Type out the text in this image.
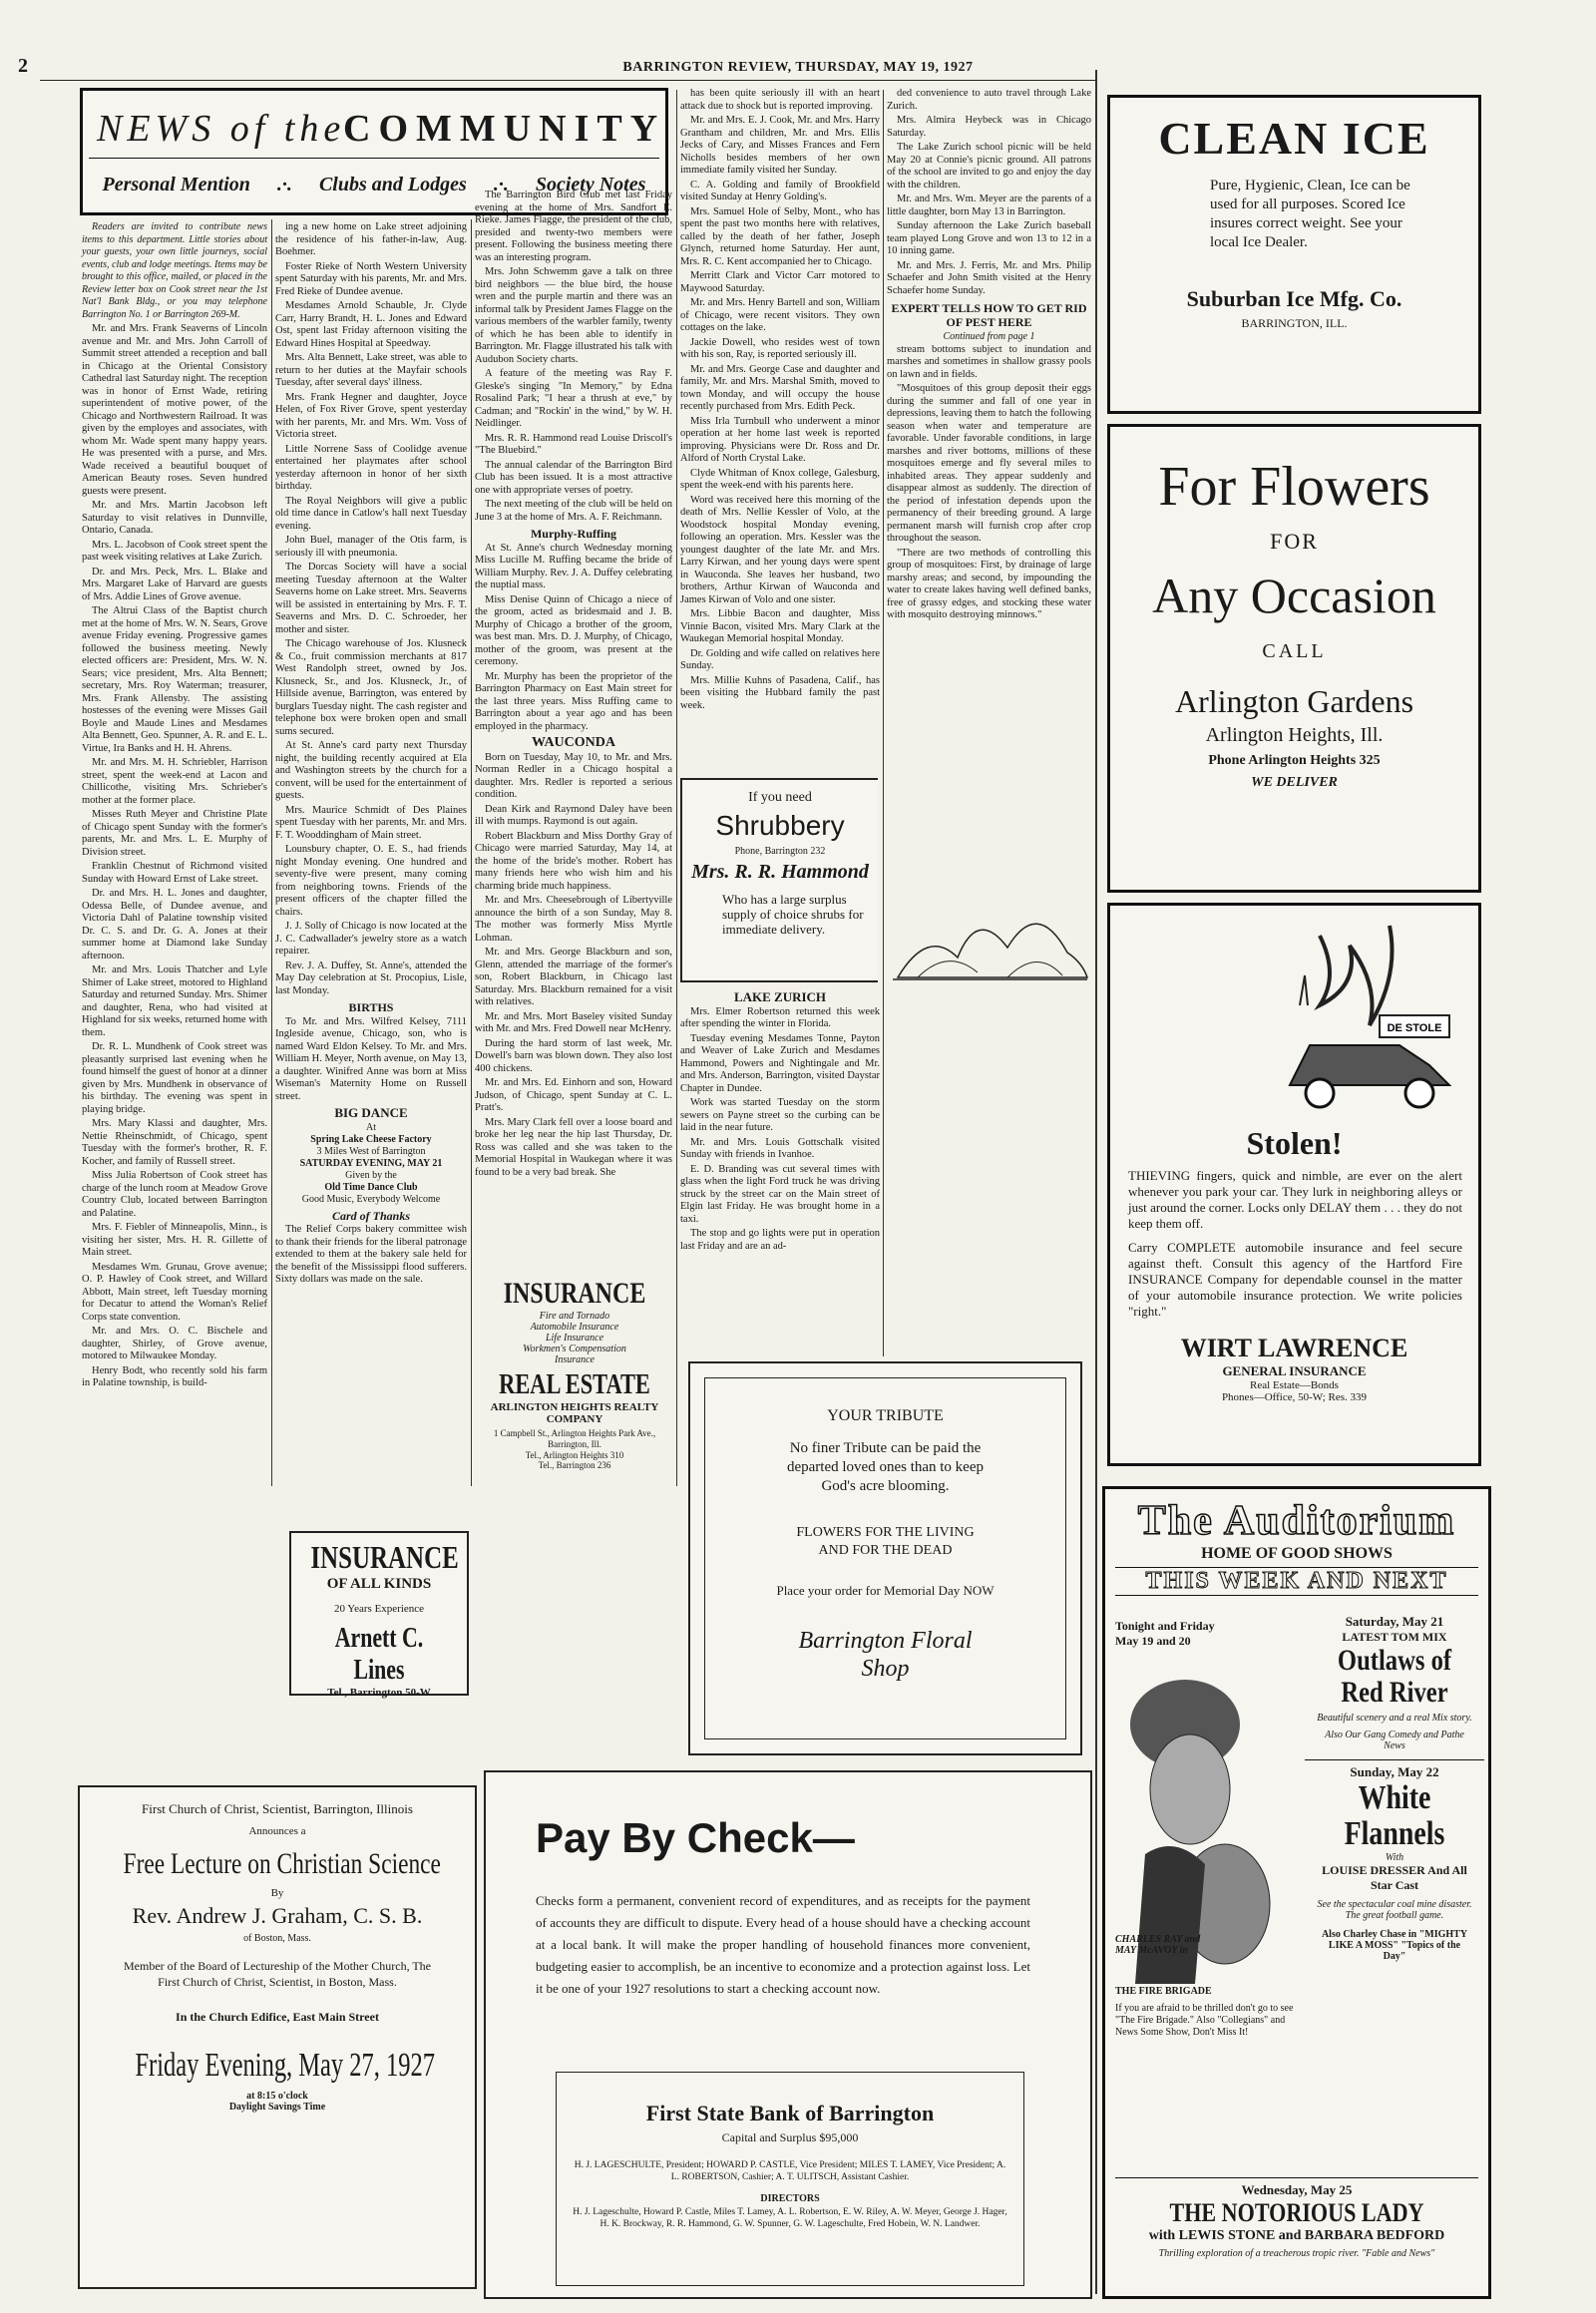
2	BARRINGTON REVIEW, THURSDAY, MAY 19, 1927
NEWS of the
COMMUNITY
Personal Mention .·. Clubs and Lodges .·. Society Notes

Readers are invited to contribute news items to this department. Little stories about your guests, your own little journeys, social events, club and lodge meetings. Items may be brought to this office, mailed, or placed in the Review letter box on Cook street near the 1st Nat'l Bank Bldg., or you may telephone Barrington No. 1 or Barrington 269-M.

Mr. and Mrs. Frank Seaverns of Lincoln avenue and Mr. and Mrs. John Carroll of Summit street attended a reception and ball in Chicago at the Oriental Consistory Cathedral last Saturday night. The reception was in honor of Ernst Wade, retiring superintendent of motive power, of the Chicago and Northwestern Railroad. It was given by the employes and associates, with whom Mr. Wade spent many happy years. He was presented with a purse, and Mrs. Wade received a beautiful bouquet of American Beauty roses. Seven hundred guests were present.

Mr. and Mrs. Martin Jacobson left Saturday to visit relatives in Dunnville, Ontario, Canada.

Mrs. L. Jacobson of Cook street spent the past week visiting relatives at Lake Zurich.

Dr. and Mrs. Peck, Mrs. L. Blake and Mrs. Margaret Lake of Harvard are guests of Mrs. Addie Lines of Grove avenue.

The Altrui Class of the Baptist church met at the home of Mrs. W. N. Sears, Grove avenue Friday evening. Progressive games followed the business meeting. Newly elected officers are: President, Mrs. W. N. Sears; vice president, Mrs. Alta Bennett; secretary, Mrs. Roy Waterman; treasurer, Mrs. Frank Allensby. The assisting hostesses of the evening were Misses Gail Boyle and Maude Lines and Mesdames Alta Bennett, Geo. Spunner, A. R. and E. L. Virtue, Ira Banks and H. H. Ahrens.

Mr. and Mrs. M. H. Schriebler, Harrison street, spent the week-end at Lacon and Chillicothe, visiting Mrs. Schrieber's mother at the former place.

Misses Ruth Meyer and Christine Plate of Chicago spent Sunday with the former's parents, Mr. and Mrs. L. E. Murphy of Division street.

Franklin Chestnut of Richmond visited Sunday with Howard Ernst of Lake street.

Dr. and Mrs. H. L. Jones and daughter, Odessa Belle, of Dundee avenue, and Victoria Dahl of Palatine township visited Dr. C. S. and Dr. G. A. Jones at their summer home at Diamond lake Sunday afternoon.

Mr. and Mrs. Louis Thatcher and Lyle Shimer of Lake street, motored to Highland Saturday and returned Sunday. Mrs. Shimer and daughter, Rena, who had visited at Highland for six weeks, returned home with them.

Dr. R. L. Mundhenk of Cook street was pleasantly surprised last evening when he found himself the guest of honor at a dinner given by Mrs. Mundhenk in observance of his birthday. The evening was spent in playing bridge.

Mrs. Mary Klassi and daughter, Mrs. Nettie Rheinschmidt, of Chicago, spent Tuesday with the former's brother, R. F. Kocher, and family of Russell street.

Miss Julia Robertson of Cook street has charge of the lunch room at Meadow Grove Country Club, located between Barrington and Palatine.

Mrs. F. Fiebler of Minneapolis, Minn., is visiting her sister, Mrs. H. R. Gillette of Main street.

Mesdames Wm. Grunau, Grove avenue; O. P. Hawley of Cook street, and Willard Abbott, Main street, left Tuesday morning for Decatur to attend the Woman's Relief Corps state convention.

Mr. and Mrs. O. C. Bischele and daughter, Shirley, of Grove avenue, motored to Milwaukee Monday.

Henry Bodt, who recently sold his farm in Palatine township, is build-

ing a new home on Lake street adjoining the residence of his father-in-law, Aug. Boehmer.

Foster Rieke of North Western University spent Saturday with his parents, Mr. and Mrs. Fred Rieke of Dundee avenue.

Mesdames Arnold Schauble, Jr. Clyde Carr, Harry Brandt, H. L. Jones and Edward Ost, spent last Friday afternoon visiting the Edward Hines Hospital at Speedway.

Mrs. Alta Bennett, Lake street, was able to return to her duties at the Mayfair schools Tuesday, after several days' illness.

Mrs. Frank Hegner and daughter, Joyce Helen, of Fox River Grove, spent yesterday with her parents, Mr. and Mrs. Wm. Voss of Victoria street.

Little Norrene Sass of Coolidge avenue entertained her playmates after school yesterday afternoon in honor of her sixth birthday.

The Royal Neighbors will give a public old time dance in Catlow's hall next Tuesday evening.

John Buel, manager of the Otis farm, is seriously ill with pneumonia.

The Dorcas Society will have a social meeting Tuesday afternoon at the Walter Seaverns home on Lake street. Mrs. Seaverns will be assisted in entertaining by Mrs. F. T. Seaverns and Mrs. D. C. Schroeder, her mother and sister.

The Chicago warehouse of Jos. Klusneck & Co., fruit commission merchants at 817 West Randolph street, owned by Jos. Klusneck, Sr., and Jos. Klusneck, Jr., of Hillside avenue, Barrington, was entered by burglars Tuesday night. The cash register and telephone box were broken open and small sums secured.

At St. Anne's card party next Thursday night, the building recently acquired at Ela and Washington streets by the church for a convent, will be used for the entertainment of guests.

Mrs. Maurice Schmidt of Des Plaines spent Tuesday with her parents, Mr. and Mrs. F. T. Wooddingham of Main street.

Lounsbury chapter, O. E. S., had friends night Monday evening. One hundred and seventy-five were present, many coming from neighboring towns. Friends of the present officers of the chapter filled the chairs.

J. J. Solly of Chicago is now located at the J. C. Cadwallader's jewelry store as a watch repairer.

Rev. J. A. Duffey, St. Anne's, attended the May Day celebration at St. Procopius, Lisle, last Monday.

BIRTHS

To Mr. and Mrs. Wilfred Kelsey, 7111 Ingleside avenue, Chicago, son, who is named Ward Eldon Kelsey. To Mr. and Mrs. William H. Meyer, North avenue, on May 13, a daughter. Winifred Anne was born at Miss Wiseman's Maternity Home on Russell street.

BIG DANCE
At
Spring Lake Cheese Factory
3 Miles West of Barrington
SATURDAY EVENING, MAY 21
Given by the
Old Time Dance Club
Good Music, Everybody Welcome
Card of Thanks

The Relief Corps bakery committee wish to thank their friends for the liberal patronage extended to them at the bakery sale held for the benefit of the Mississippi flood sufferers. Sixty dollars was made on the sale.

The Barrington Bird Club met last Friday evening at the home of Mrs. Sandfort E. Rieke. James Flagge, the president of the club, presided and twenty-two members were present. Following the business meeting there was an interesting program.

Mrs. John Schwemm gave a talk on three bird neighbors — the blue bird, the house wren and the purple martin and there was an informal talk by President James Flagge on the various members of the warbler family, twenty of which he has been able to identify in Barrington. Mr. Flagge illustrated his talk with Audubon Society charts.

A feature of the meeting was Ray F. Gleske's singing "In Memory," by Edna Rosalind Park; "I hear a thrush at eve," by Cadman; and "Rockin' in the wind," by W. H. Neidlinger.

Mrs. R. R. Hammond read Louise Driscoll's "The Bluebird."

The annual calendar of the Barrington Bird Club has been issued. It is a most attractive one with appropriate verses of poetry.

The next meeting of the club will be held on June 3 at the home of Mrs. A. F. Reichmann.

Murphy-Ruffing

At St. Anne's church Wednesday morning Miss Lucille M. Ruffing became the bride of William Murphy. Rev. J. A. Duffey celebrating the nuptial mass.

Miss Denise Quinn of Chicago a niece of the groom, acted as bridesmaid and J. B. Murphy of Chicago a brother of the groom, was best man. Mrs. D. J. Murphy, of Chicago, mother of the groom, was present at the ceremony.

Mr. Murphy has been the proprietor of the Barrington Pharmacy on East Main street for the last three years. Miss Ruffing came to Barrington about a year ago and has been employed in the pharmacy.

WAUCONDA

Born on Tuesday, May 10, to Mr. and Mrs. Norman Redler in a Chicago hospital a daughter. Mrs. Redler is reported a serious condition.

Dean Kirk and Raymond Daley have been ill with mumps. Raymond is out again.

Robert Blackburn and Miss Dorthy Gray of Chicago were married Saturday, May 14, at the home of the bride's mother. Robert has many friends here who wish him and his charming bride much happiness.

Mr. and Mrs. Cheesebrough of Libertyville announce the birth of a son Sunday, May 8. The mother was formerly Miss Myrtle Lohman.

Mr. and Mrs. George Blackburn and son, Glenn, attended the marriage of the former's son, Robert Blackburn, in Chicago last Saturday. Mrs. Blackburn remained for a visit with relatives.

Mr. and Mrs. Mort Baseley visited Sunday with Mr. and Mrs. Fred Dowell near McHenry.

During the hard storm of last week, Mr. Dowell's barn was blown down. They also lost 400 chickens.

Mr. and Mrs. Ed. Einhorn and son, Howard Judson, of Chicago, spent Sunday at C. L. Pratt's.

Mrs. Mary Clark fell over a loose board and broke her leg near the hip last Thursday, Dr. Ross was called and she was taken to the Memorial Hospital in Waukegan where it was found to be a very bad break. She

has been quite seriously ill with an heart attack due to shock but is reported improving.

Mr. and Mrs. E. J. Cook, Mr. and Mrs. Harry Grantham and children, Mr. and Mrs. Ellis Jecks of Cary, and Misses Frances and Fern Nicholls besides members of her own immediate family visited her Sunday.

C. A. Golding and family of Brookfield visited Sunday at Henry Golding's.

Mrs. Samuel Hole of Selby, Mont., who has spent the past two months here with relatives, called by the death of her father, Joseph Glynch, returned home Saturday. Her aunt, Mrs. R. C. Kent accompanied her to Chicago.

Merritt Clark and Victor Carr motored to Maywood Saturday.

Mr. and Mrs. Henry Bartell and son, William of Chicago, were recent visitors. They own cottages on the lake.

Jackie Dowell, who resides west of town with his son, Ray, is reported seriously ill.

Mr. and Mrs. George Case and daughter and family, Mr. and Mrs. Marshal Smith, moved to town Monday, and will occupy the house recently purchased from Mrs. Edith Peck.

Miss Irla Turnbull who underwent a minor operation at her home last week is reported improving. Physicians were Dr. Ross and Dr. Alford of North Crystal Lake.

Clyde Whitman of Knox college, Galesburg, spent the week-end with his parents here.

Word was received here this morning of the death of Mrs. Nellie Kessler of Volo, at the Woodstock hospital Monday evening, following an operation. Mrs. Kessler was the youngest daughter of the late Mr. and Mrs. Larry Kirwan, and her young days were spent in Wauconda. She leaves her husband, two brothers, Arthur Kirwan of Wauconda and James Kirwan of Volo and one sister.

Mrs. Libbie Bacon and daughter, Miss Vinnie Bacon, visited Mrs. Mary Clark at the Waukegan Memorial hospital Monday.

Dr. Golding and wife called on relatives here Sunday.

Mrs. Millie Kuhns of Pasadena, Calif., has been visiting the Hubbard family the past week.

If you need
Shrubbery
Phone, Barrington 232
Mrs. R. R. Hammond
Who has a large surplus supply of choice shrubs for immediate delivery.
LAKE ZURICH

Mrs. Elmer Robertson returned this week after spending the winter in Florida.

Tuesday evening Mesdames Tonne, Payton and Weaver of Lake Zurich and Mesdames Hammond, Powers and Nightingale and Mr. and Mrs. Anderson, Barrington, visited Daystar Chapter in Dundee.

Work was started Tuesday on the storm sewers on Payne street so the curbing can be laid in the near future.

Mr. and Mrs. Louis Gottschalk visited Sunday with friends in Ivanhoe.

E. D. Branding was cut several times with glass when the light Ford truck he was driving struck by the street car on the Main street of Elgin last Friday. He was brought home in a taxi.

The stop and go lights were put in operation last Friday and are an ad-

ded convenience to auto travel through Lake Zurich.

Mrs. Almira Heybeck was in Chicago Saturday.

The Lake Zurich school picnic will be held May 20 at Connie's picnic ground. All patrons of the school are invited to go and enjoy the day with the children.

Mr. and Mrs. Wm. Meyer are the parents of a little daughter, born May 13 in Barrington.

Sunday afternoon the Lake Zurich baseball team played Long Grove and won 13 to 12 in a 10 inning game.

Mr. and Mrs. J. Ferris, Mr. and Mrs. Philip Schaefer and John Smith visited at the Henry Schaefer home Sunday.

EXPERT TELLS HOW TO GET RID OF PEST HERE
Continued from page 1

stream bottoms subject to inundation and marshes and sometimes in shallow grassy pools on lawn and in fields.

"Mosquitoes of this group deposit their eggs during the summer and fall of one year in depressions, leaving them to hatch the following season when water and temperature are favorable. Under favorable conditions, in large marshes and river bottoms, millions of these mosquitoes emerge and fly several miles to inhabited areas. They appear suddenly and disappear almost as suddenly. The direction of the period of infestation depends upon the permanency of their breeding ground. A large permanent marsh will furnish crop after crop throughout the season.

"There are two methods of controlling this group of mosquitoes: First, by drainage of large marshy areas; and second, by impounding the water to create lakes having well defined banks, free of grassy edges, and stocking these water with mosquito destroying minnows."

CLEAN ICE
Pure, Hygienic, Clean, Ice can be used for all purposes. Scored Ice insures correct weight. See your local Ice Dealer.
Suburban Ice Mfg. Co.
BARRINGTON, ILL.
For Flowers
FOR
Any Occasion
CALL
Arlington Gardens
Arlington Heights, Ill.
Phone Arlington Heights 325
WE DELIVER
DE STOLE
Stolen!
THIEVING fingers, quick and nimble, are ever on the alert whenever you park your car. They lurk in neighboring alleys or just around the corner. Locks only DELAY them . . . they do not keep them off.
Carry COMPLETE automobile insurance and feel secure against theft. Consult this agency of the Hartford Fire INSURANCE Company for dependable counsel in the matter of your automobile insurance protection. We write policies "right."
WIRT LAWRENCE
GENERAL INSURANCE
Real Estate—Bonds
Phones—Office, 50-W; Res. 339
INSURANCE
Fire and Tornado
Automobile Insurance
Life Insurance
Workmen's Compensation
Insurance
REAL ESTATE
ARLINGTON HEIGHTS REALTY COMPANY
1 Campbell St., Arlington Heights Park Ave., Barrington, Ill.
Tel., Arlington Heights 310
Tel., Barrington 236
YOUR TRIBUTE
No finer Tribute can be paid the departed loved ones than to keep God's acre blooming.
FLOWERS FOR THE LIVING AND FOR THE DEAD
Place your order for Memorial Day NOW
Barrington Floral Shop
INSURANCE
OF ALL KINDS
20 Years Experience
Arnett C. Lines
Tel., Barrington 50-W
First Church of Christ, Scientist, Barrington, Illinois
Announces a
Free Lecture on Christian Science
By
Rev. Andrew J. Graham, C. S. B.
of Boston, Mass.
Member of the Board of Lectureship of the Mother Church, The First Church of Christ, Scientist, in Boston, Mass.
In the Church Edifice, East Main Street
Friday Evening, May 27, 1927
at 8:15 o'clock
Daylight Savings Time
Pay By Check—
Checks form a permanent, convenient record of expenditures, and as receipts for the payment of accounts they are difficult to dispute. Every head of a house should have a checking account at a local bank. It will make the proper handling of household finances more convenient, budgeting easier to accomplish, be an incentive to economize and a protection against loss. Let it be one of your 1927 resolutions to start a checking account now.
First State Bank of Barrington
Capital and Surplus $95,000
H. J. LAGESCHULTE, President; HOWARD P. CASTLE, Vice President; MILES T. LAMEY, Vice President; A. L. ROBERTSON, Cashier; A. T. ULITSCH, Assistant Cashier.
DIRECTORS
H. J. Lageschulte, Howard P. Castle, Miles T. Lamey, A. L. Robertson, E. W. Riley, A. W. Meyer, George J. Hager, H. K. Brockway, R. R. Hammond, G. W. Spunner, G. W. Lageschulte, Fred Hobein, W. N. Landwer.
The Auditorium
HOME OF GOOD SHOWS
THIS WEEK AND NEXT
Tonight and Friday
May 19 and 20
CHARLES RAY and MAY McAVOY in
THE FIRE BRIGADE
If you are afraid to be thrilled don't go to see "The Fire Brigade." Also "Collegians" and News Some Show, Don't Miss It!
Saturday, May 21
LATEST TOM MIX
Outlaws of Red River
Beautiful scenery and a real Mix story.
Also Our Gang Comedy and Pathe News
Sunday, May 22
White Flannels
With
LOUISE DRESSER And All Star Cast
See the spectacular coal mine disaster. The great football game.
Also Charley Chase in "MIGHTY LIKE A MOSS" "Topics of the Day"
Wednesday, May 25
THE NOTORIOUS LADY
with LEWIS STONE and BARBARA BEDFORD
Thrilling exploration of a treacherous tropic river. "Fable and News"
